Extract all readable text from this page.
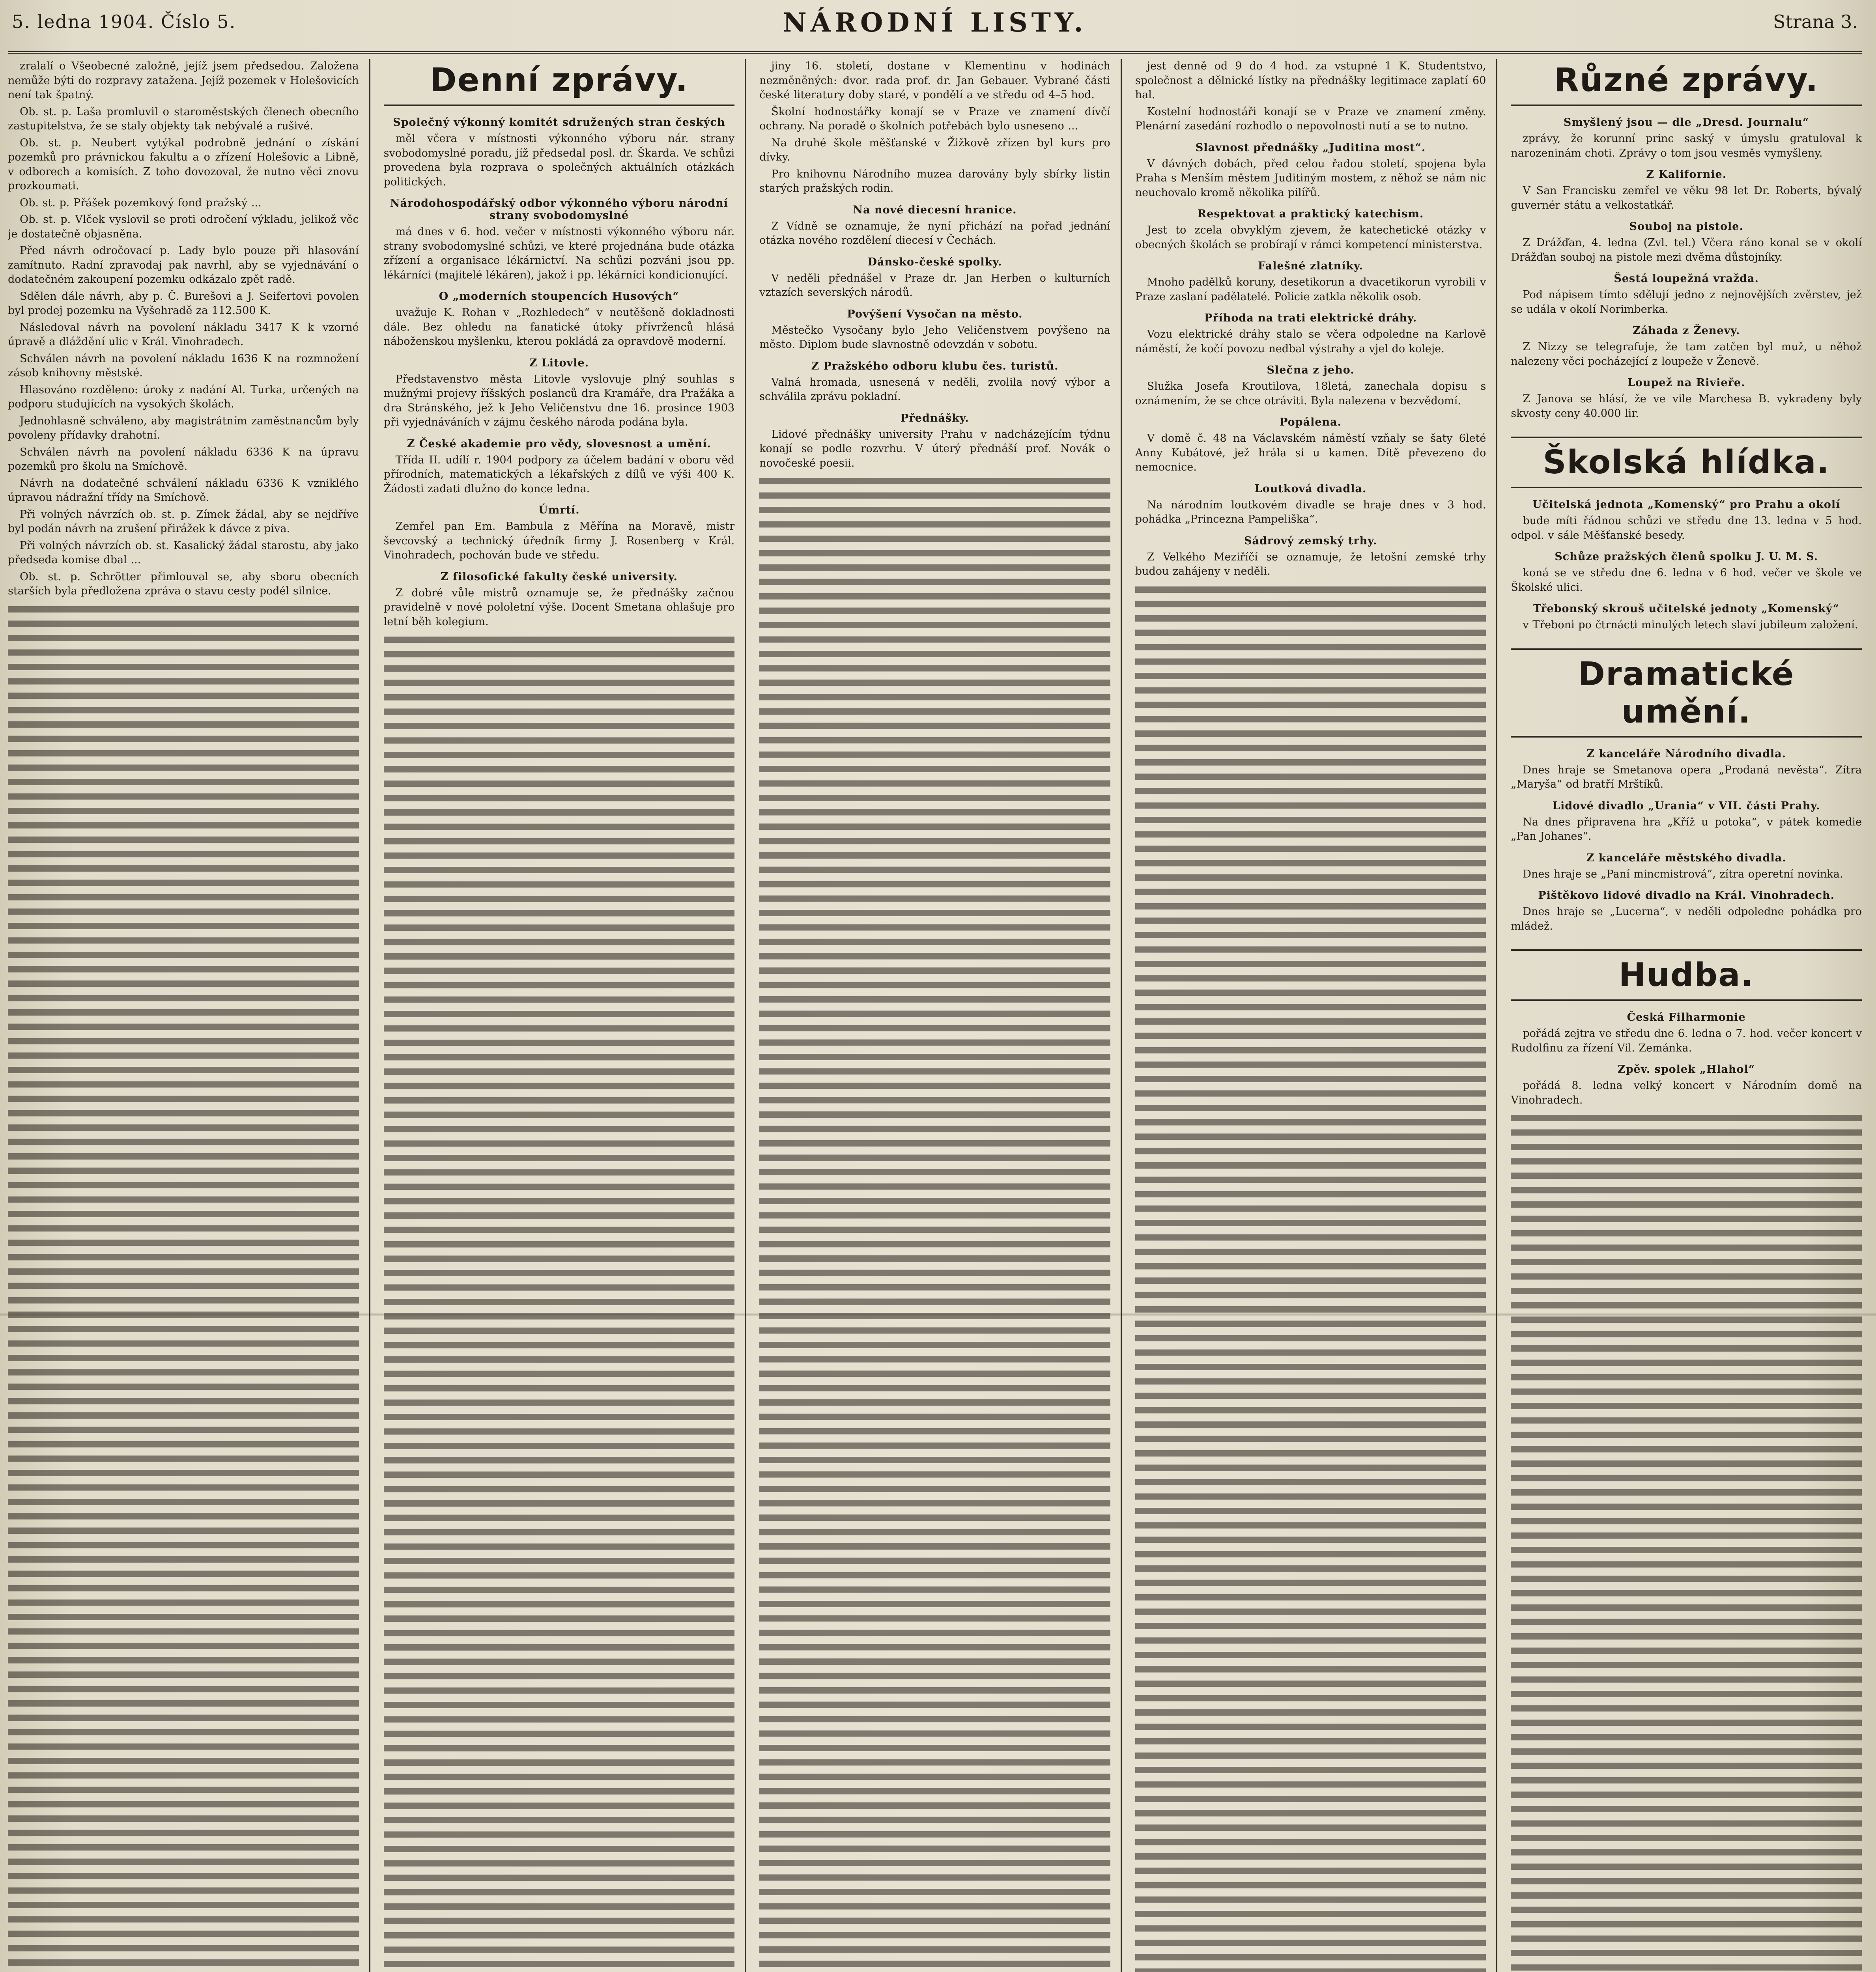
5. ledna 1904. Číslo 5.	NÁRODNÍ LISTY.	Strana 3.

zralalí o Všeobecné založně, jejíž jsem předsedou. Založena nemůže býti do rozpravy zatažena. Jejíž pozemek v Holešovicích není tak špatný.

Ob. st. p. Laša promluvil o staroměstských členech obecního zastupitelstva, že se staly objekty tak nebývalé a rušivé.

Ob. st. p. Neubert vytýkal podrobně jednání o získání pozemků pro právnickou fakultu a o zřízení Holešovic a Libně, v odborech a komisích. Z toho dovozoval, že nutno věci znovu prozkoumati.

Ob. st. p. Přášek pozemkový fond pražský ...

Ob. st. p. Vlček vyslovil se proti odročení výkladu, jelikož věc je dostatečně objasněna.

Před návrh odročovací p. Lady bylo pouze při hlasování zamítnuto. Radní zpravodaj pak navrhl, aby se vyjednávání o dodatečném zakoupení pozemku odkázalo zpět radě.

Sdělen dále návrh, aby p. Č. Burešovi a J. Seifertovi povolen byl prodej pozemku na Vyšehradě za 112.500 K.

Následoval návrh na povolení nákladu 3417 K k vzorné úpravě a dláždění ulic v Král. Vinohradech.

Schválen návrh na povolení nákladu 1636 K na rozmnožení zásob knihovny městské.

Hlasováno rozděleno: úroky z nadání Al. Turka, určených na podporu studujících na vysokých školách.

Jednohlasně schváleno, aby magistrátním zaměstnancům byly povoleny přídavky drahotní.

Schválen návrh na povolení nákladu 6336 K na úpravu pozemků pro školu na Smíchově.

Návrh na dodatečné schválení nákladu 6336 K vzniklého úpravou nádražní třídy na Smíchově.

Při volných návrzích ob. st. p. Zímek žádal, aby se nejdříve byl podán návrh na zrušení přirážek k dávce z piva.

Při volných návrzích ob. st. Kasalický žádal starostu, aby jako předseda komise dbal ...

Ob. st. p. Schrötter přimlouval se, aby sboru obecních starších byla předložena zpráva o stavu cesty podél silnice.

Denní zprávy.
Společný výkonný komitét sdružených stran českých

měl včera v místnosti výkonného výboru nár. strany svobodomyslné poradu, jíž předsedal posl. dr. Škarda. Ve schůzi provedena byla rozprava o společných aktuálních otázkách politických.

Národohospodářský odbor výkonného výboru národní strany svobodomyslné

má dnes v 6. hod. večer v místnosti výkonného výboru nár. strany svobodomyslné schůzi, ve které projednána bude otázka zřízení a organisace lékárnictví. Na schůzi pozváni jsou pp. lékárníci (majitelé lékáren), jakož i pp. lékárníci kondicionující.

O „moderních stoupencích Husových“

uvažuje K. Rohan v „Rozhledech“ v neutěšeně dokladnosti dále. Bez ohledu na fanatické útoky přívrženců hlásá náboženskou myšlenku, kterou pokládá za opravdově moderní.

Z Litovle.

Představenstvo města Litovle vyslovuje plný souhlas s mužnými projevy říšských poslanců dra Kramáře, dra Pražáka a dra Stránského, jež k Jeho Veličenstvu dne 16. prosince 1903 při vyjednáváních v zájmu českého národa podána byla.

Z České akademie pro vědy, slovesnost a umění.

Třída II. udílí r. 1904 podpory za účelem badání v oboru věd přírodních, matematických a lékařských z dílů ve výši 400 K. Žádosti zadati dlužno do konce ledna.

Úmrtí.

Zemřel pan Em. Bambula z Měřína na Moravě, mistr ševcovský a technický úředník firmy J. Rosenberg v Král. Vinohradech, pochován bude ve středu.

Z filosofické fakulty české university.

Z dobré vůle mistrů oznamuje se, že přednášky začnou pravidelně v nové pololetní výše. Docent Smetana ohlašuje pro letní běh kolegium.

jiny 16. století, dostane v Klementinu v hodinách nezměněných: dvor. rada prof. dr. Jan Gebauer. Vybrané části české literatury doby staré, v pondělí a ve středu od 4–5 hod.

Školní hodnostářky konají se v Praze ve znamení dívčí ochrany. Na poradě o školních potřebách bylo usneseno ...

Na druhé škole měšťanské v Žižkově zřízen byl kurs pro dívky.

Pro knihovnu Národního muzea darovány byly sbírky listin starých pražských rodin.

Na nové diecesní hranice.

Z Vídně se oznamuje, že nyní přichází na pořad jednání otázka nového rozdělení diecesí v Čechách.

Dánsko-české spolky.

V neděli přednášel v Praze dr. Jan Herben o kulturních vztazích severských národů.

Povýšení Vysočan na město.

Městečko Vysočany bylo Jeho Veličenstvem povýšeno na město. Diplom bude slavnostně odevzdán v sobotu.

Z Pražského odboru klubu čes. turistů.

Valná hromada, usnesená v neděli, zvolila nový výbor a schválila zprávu pokladní.

Přednášky.

Lidové přednášky university Prahu v nadcházejícím týdnu konají se podle rozvrhu. V úterý přednáší prof. Novák o novočeské poesii.

jest denně od 9 do 4 hod. za vstupné 1 K. Studentstvo, společnost a dělnické lístky na přednášky legitimace zaplatí 60 hal.

Kostelní hodnostáři konají se v Praze ve znamení změny. Plenární zasedání rozhodlo o nepovolnosti nutí a se to nutno.

Slavnost přednášky „Juditina most“.

V dávných dobách, před celou řadou století, spojena byla Praha s Menším městem Juditiným mostem, z něhož se nám nic neuchovalo kromě několika pilířů.

Respektovat a praktický katechism.

Jest to zcela obvyklým zjevem, že katechetické otázky v obecných školách se probírají v rámci kompetencí ministerstva.

Falešné zlatníky.

Mnoho padělků koruny, desetikorun a dvacetikorun vyrobili v Praze zaslaní padělatelé. Policie zatkla několik osob.

Příhoda na trati elektrické dráhy.

Vozu elektrické dráhy stalo se včera odpoledne na Karlově náměstí, že kočí povozu nedbal výstrahy a vjel do koleje.

Slečna z jeho.

Služka Josefa Kroutilova, 18letá, zanechala dopisu s oznámením, že se chce otráviti. Byla nalezena v bezvědomí.

Popálena.

V domě č. 48 na Václavském náměstí vzňaly se šaty 6leté Anny Kubátové, jež hrála si u kamen. Dítě převezeno do nemocnice.

Loutková divadla.

Na národním loutkovém divadle se hraje dnes v 3 hod. pohádka „Princezna Pampeliška“.

Sádrový zemský trhy.

Z Velkého Meziříčí se oznamuje, že letošní zemské trhy budou zahájeny v neděli.

Různé zprávy.
Smyšlený jsou — dle „Dresd. Journalu“

zprávy, že korunní princ saský v úmyslu gratuloval k narozeninám choti. Zprávy o tom jsou vesměs vymyšleny.

Z Kalifornie.

V San Francisku zemřel ve věku 98 let Dr. Roberts, bývalý guvernér státu a velkostatkář.

Souboj na pistole.

Z Drážďan, 4. ledna (Zvl. tel.) Včera ráno konal se v okolí Drážďan souboj na pistole mezi dvěma důstojníky.

Šestá loupežná vražda.

Pod nápisem tímto sdělují jedno z nejnovějších zvěrstev, jež se udála v okolí Norimberka.

Záhada z Ženevy.

Z Nizzy se telegrafuje, že tam zatčen byl muž, u něhož nalezeny věci pocházející z loupeže v Ženevě.

Loupež na Rivieře.

Z Janova se hlásí, že ve vile Marchesa B. vykradeny byly skvosty ceny 40.000 lir.

Školská hlídka.
Učitelská jednota „Komenský“ pro Prahu a okolí

bude míti řádnou schůzi ve středu dne 13. ledna v 5 hod. odpol. v sále Měšťanské besedy.

Schůze pražských členů spolku J. U. M. S.

koná se ve středu dne 6. ledna v 6 hod. večer ve škole ve Školské ulici.

Třebonský skrouš učitelské jednoty „Komenský“

v Třeboni po čtrnácti minulých letech slaví jubileum založení.

Dramatické umění.
Z kanceláře Národního divadla.

Dnes hraje se Smetanova opera „Prodaná nevěsta“. Zítra „Maryša“ od bratří Mrštíků.

Lidové divadlo „Urania“ v VII. části Prahy.

Na dnes připravena hra „Kříž u potoka“, v pátek komedie „Pan Johanes“.

Z kanceláře městského divadla.

Dnes hraje se „Paní mincmistrová“, zítra operetní novinka.

Pištěkovo lidové divadlo na Král. Vinohradech.

Dnes hraje se „Lucerna“, v neděli odpoledne pohádka pro mládež.

Hudba.
Česká Filharmonie

pořádá zejtra ve středu dne 6. ledna o 7. hod. večer koncert v Rudolfinu za řízení Vil. Zemánka.

Zpěv. spolek „Hlahol“

pořádá 8. ledna velký koncert v Národním domě na Vinohradech.
